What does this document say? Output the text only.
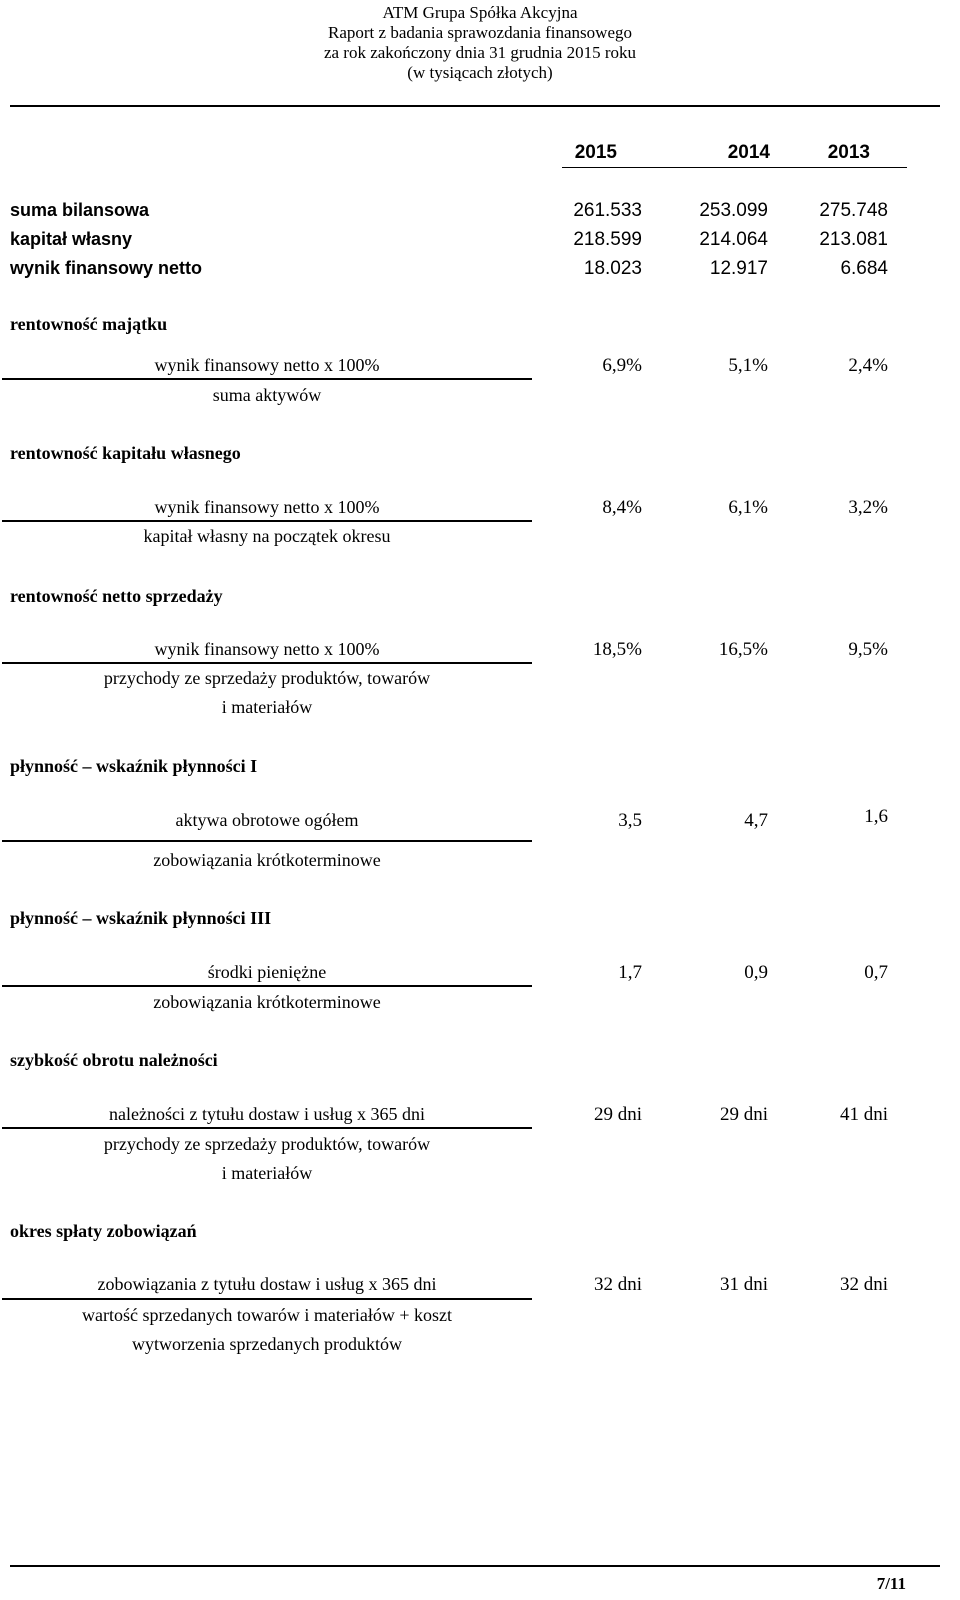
ATM Grupa Spółka Akcyjna
Raport z badania sprawozdania finansowego
za rok zakończony dnia 31 grudnia 2015 roku
(w tysiącach złotych)
2015	2014	2013
suma bilansowa	261.533	253.099	275.748
kapitał własny	218.599	214.064	213.081
wynik finansowy netto	18.023	12.917	6.684
rentowność majątku
wynik finansowy netto x 100%
suma aktywów
6,9%	5,1%	2,4%
rentowność kapitału własnego
wynik finansowy netto x 100%
kapitał własny na początek okresu
8,4%	6,1%	3,2%
rentowność netto sprzedaży
wynik finansowy netto x 100%
przychody ze sprzedaży produktów, towarów
i materiałów
18,5%	16,5%	9,5%
płynność – wskaźnik płynności I
aktywa obrotowe ogółem
zobowiązania krótkoterminowe
3,5	4,7	1,6
płynność – wskaźnik płynności III
środki pieniężne
zobowiązania krótkoterminowe
1,7	0,9	0,7
szybkość obrotu należności
należności z tytułu dostaw i usług x 365 dni
przychody ze sprzedaży produktów, towarów
i materiałów
29 dni	29 dni	41 dni
okres spłaty zobowiązań
zobowiązania z tytułu dostaw i usług x 365 dni
wartość sprzedanych towarów i materiałów + koszt
wytworzenia sprzedanych produktów
32 dni	31 dni	32 dni
7/11
